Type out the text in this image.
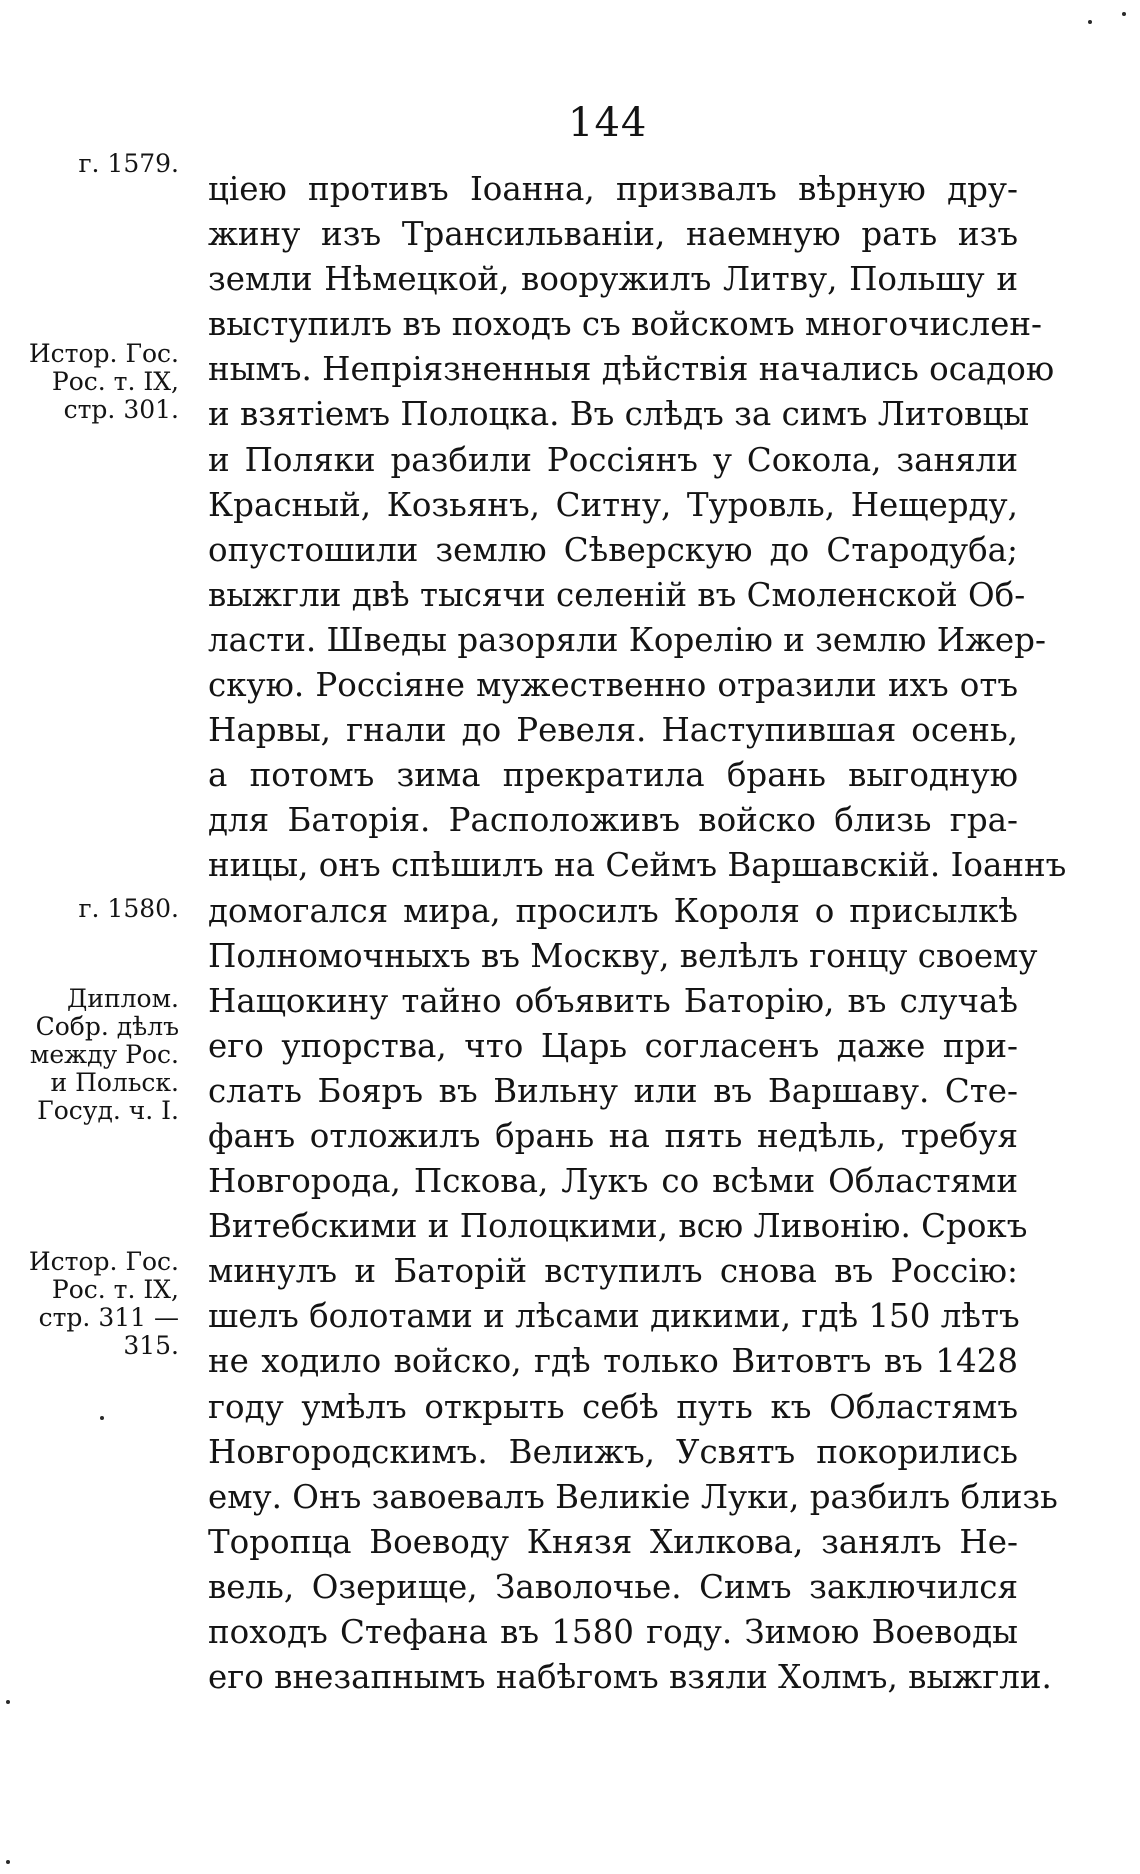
144
г. 1579.
Истор. Гос.
Рос. т. IX,
стр. 301.
г. 1580.
Диплом.
Собр. дѣлъ
между Рос.
и Польск.
Госуд. ч. I.
Истор. Гос.
Рос. т. IX,
стр. 311 —
315.
цiею противъ Iоанна, призвалъ вѣрную дру-
жину изъ Трансильванiи, наемную рать изъ
земли Нѣмецкой, вооружилъ Литву, Польшу и
выступилъ въ походъ съ войскомъ многочислен-
нымъ. Непрiязненныя дѣйствiя начались осадою
и взятiемъ Полоцка. Въ слѣдъ за симъ Литовцы
и Поляки разбили Россiянъ у Сокола, заняли
Красный, Козьянъ, Ситну, Туровль, Нещерду,
опустошили землю Сѣверскую до Стародуба;
выжгли двѣ тысячи селенiй въ Смоленской Об-
ласти. Шведы разоряли Корелiю и землю Ижер-
скую. Россiяне мужественно отразили ихъ отъ
Нарвы, гнали до Ревеля. Наступившая осень,
а потомъ зима прекратила брань выгодную
для Баторiя. Расположивъ войско близь гра-
ницы, онъ спѣшилъ на Сеймъ Варшавскiй. Iоаннъ
домогался мира, просилъ Короля о присылкѣ
Полномочныхъ въ Москву, велѣлъ гонцу своему
Нащокину тайно объявить Баторiю, въ случаѣ
его упорства, что Царь согласенъ даже при-
слать Бояръ въ Вильну или въ Варшаву. Сте-
фанъ отложилъ брань на пять недѣль, требуя
Новгорода, Пскова, Лукъ со всѣми Областями
Витебскими и Полоцкими, всю Ливонiю. Срокъ
минулъ и Баторiй вступилъ снова въ Россiю:
шелъ болотами и лѣсами дикими, гдѣ 150 лѣтъ
не ходило войско, гдѣ только Витовтъ въ 1428
году умѣлъ открыть себѣ путь къ Областямъ
Новгородскимъ. Велижъ, Усвятъ покорились
ему. Онъ завоевалъ Великiе Луки, разбилъ близь
Торопца Воеводу Князя Хилкова, занялъ Не-
вель, Озерище, Заволочье. Симъ заключился
походъ Стефана въ 1580 году. Зимою Воеводы
его внезапнымъ набѣгомъ взяли Холмъ, выжгли.
